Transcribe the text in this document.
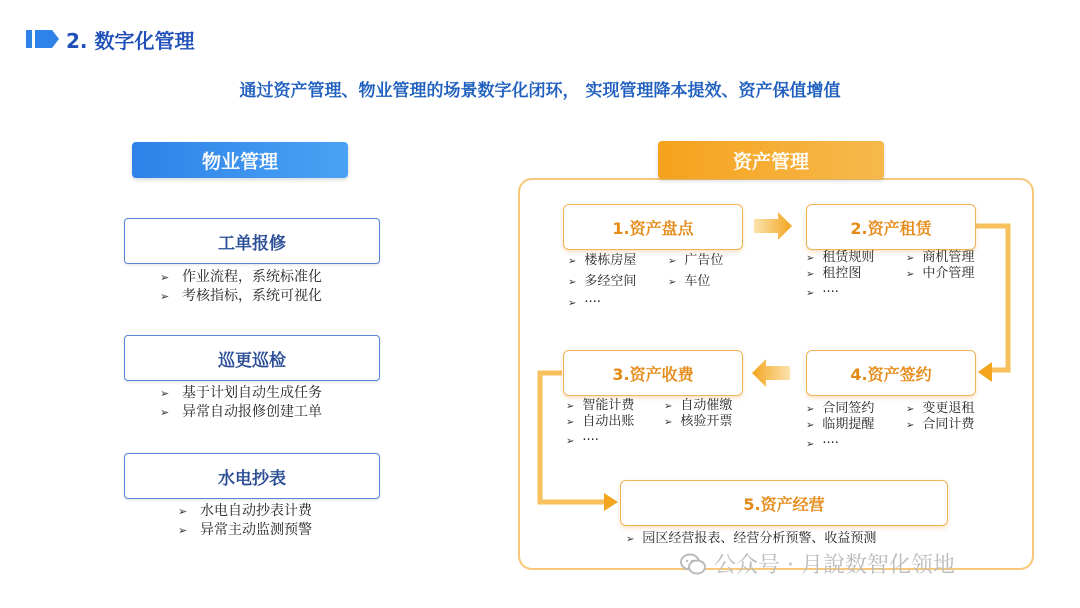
2. 数字化管理
通过资产管理、物业管理的场景数字化闭环， 实现管理降本提效、资产保值增值
物业管理
工单报修
➢ 作业流程，系统标准化
➢ 考核指标，系统可视化
巡更巡检
➢ 基于计划自动生成任务
➢ 异常自动报修创建工单
水电抄表
➢ 水电自动抄表计费
➢ 异常主动监测预警
资产管理
1.资产盘点	2.资产租赁
3.资产收费	4.资产签约
5.资产经营
➢ 楼栋房屋	➢ 广告位
➢ 多经空间	➢ 车位
➢ ····
➢ 租赁规则	➢ 商机管理
➢ 租控图	➢ 中介管理
➢ ····
➢ 智能计费	➢ 自动催缴
➢ 自动出账	➢ 核验开票
➢ ····
➢ 合同签约	➢ 变更退租
➢ 临期提醒	➢ 合同计费
➢ ····
➢ 园区经营报表、经营分析预警、收益预测
公众号 · 月說数智化领地
